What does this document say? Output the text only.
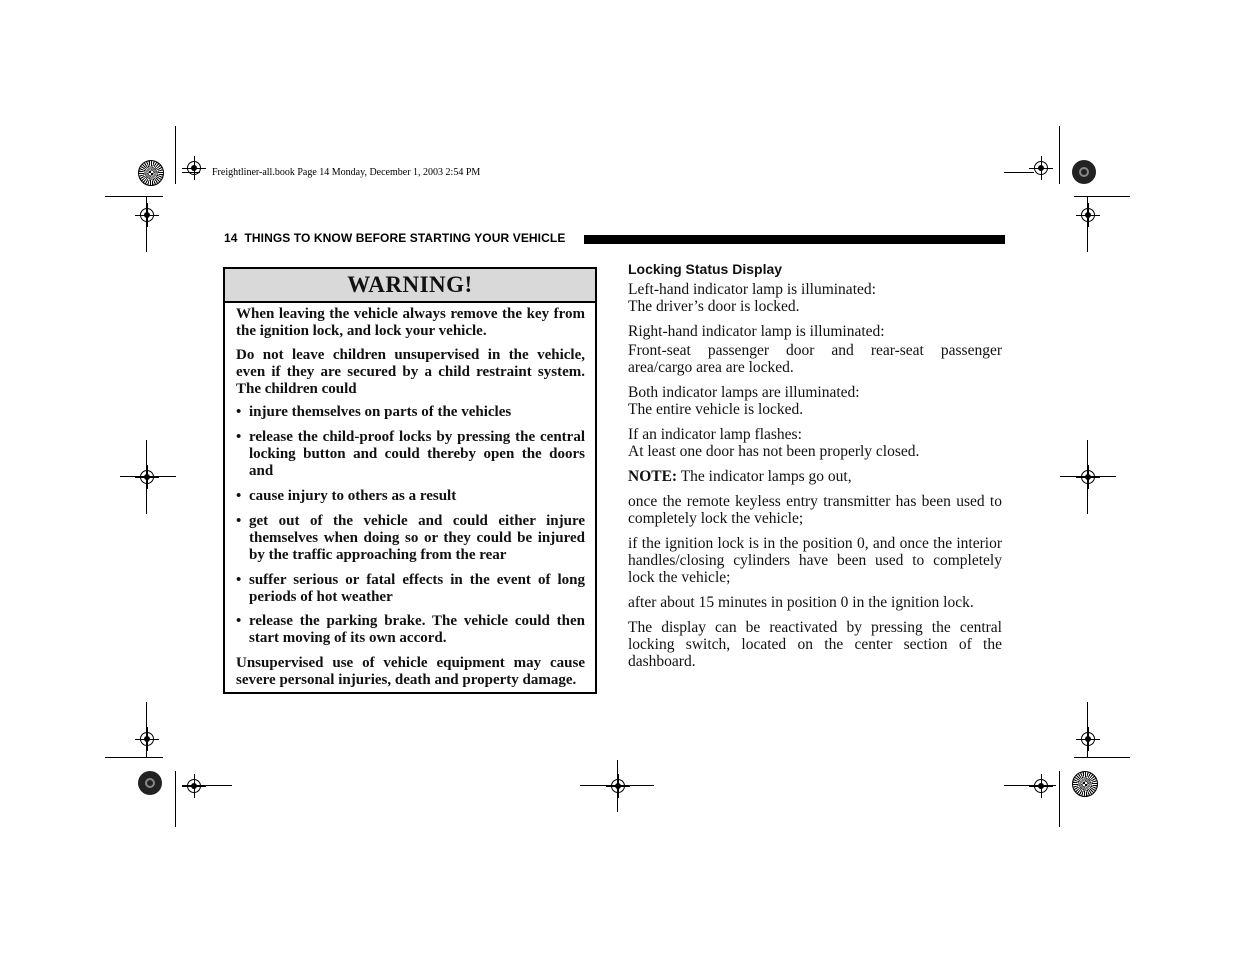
Freightliner-all.book Page 14 Monday, December 1, 2003 2:54 PM
14 THINGS TO KNOW BEFORE STARTING YOUR VEHICLE
WARNING!

When leaving the vehicle always remove the key from the ignition lock, and lock your vehicle.

Do not leave children unsupervised in the vehicle, even if they are secured by a child restraint system. The children could

• injure themselves on parts of the vehicles
• release the child-proof locks by pressing the central locking button and could thereby open the doors and
• cause injury to others as a result
• get out of the vehicle and could either injure themselves when doing so or they could be injured by the traffic approaching from the rear
• suffer serious or fatal effects in the event of long periods of hot weather
• release the parking brake. The vehicle could then start moving of its own accord.

Unsupervised use of vehicle equipment may cause severe personal injuries, death and property damage.

Locking Status Display

Left-hand indicator lamp is illuminated:

The driver’s door is locked.

Right-hand indicator lamp is illuminated:

Front-seat passenger door and rear-seat passenger area/cargo area are locked.

Both indicator lamps are illuminated:

The entire vehicle is locked.

If an indicator lamp flashes:

At least one door has not been properly closed.

NOTE: The indicator lamps go out,

once the remote keyless entry transmitter has been used to completely lock the vehicle;

if the ignition lock is in the position 0, and once the interior handles/closing cylinders have been used to completely lock the vehicle;

after about 15 minutes in position 0 in the ignition lock.

The display can be reactivated by pressing the central locking switch, located on the center section of the dashboard.
